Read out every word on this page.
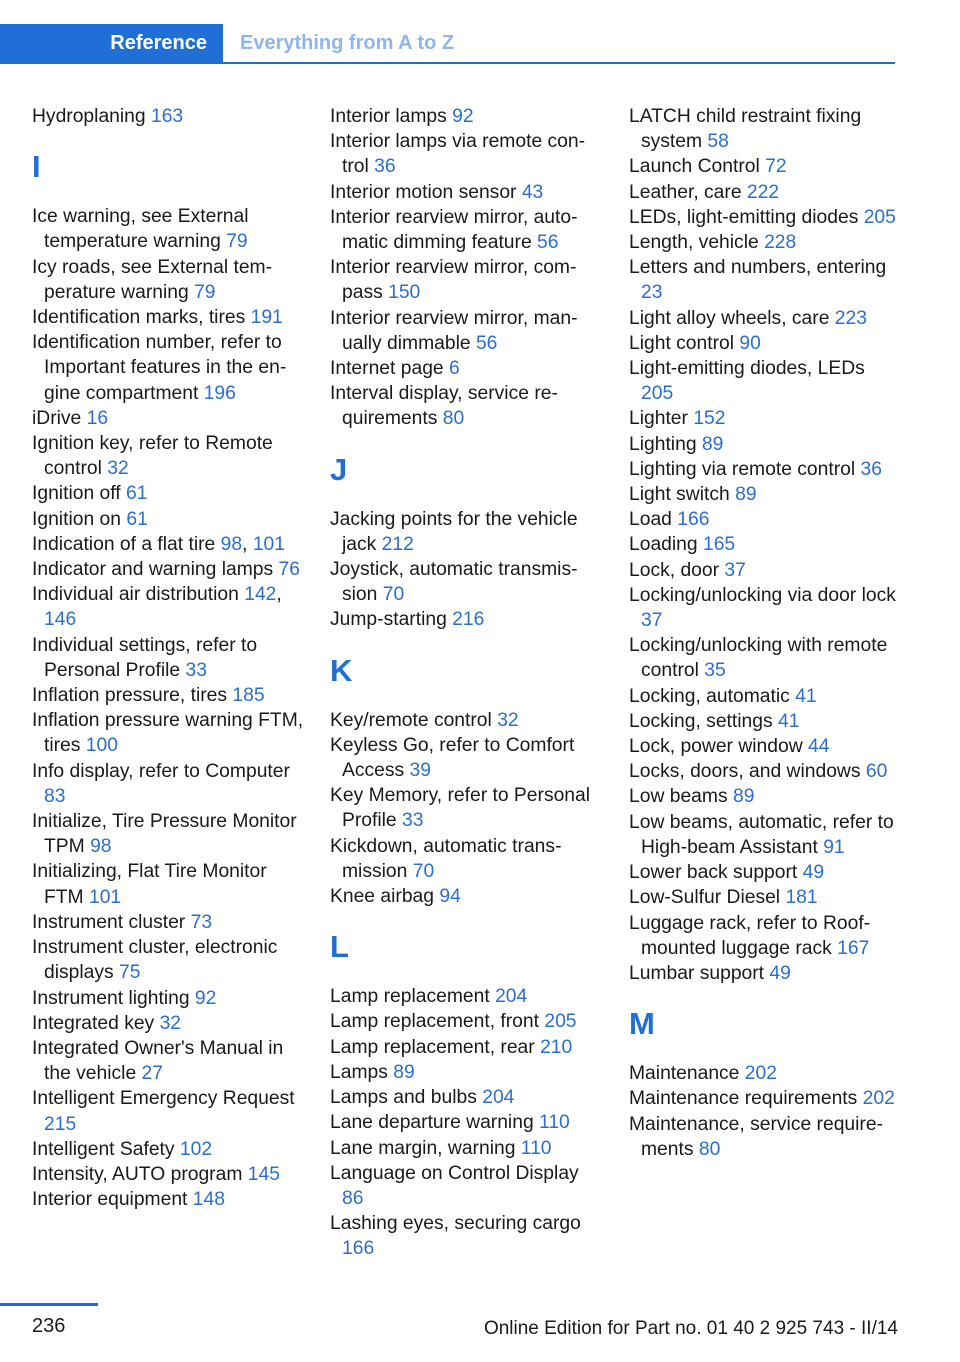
Reference Everything from A to Z
Hydroplaning 163
I
Ice warning, see External temperature warning 79
Icy roads, see External temperature warning 79
Identification marks, tires 191
Identification number, refer to Important features in the engine compartment 196
iDrive 16
Ignition key, refer to Remote control 32
Ignition off 61
Ignition on 61
Indication of a flat tire 98, 101
Indicator and warning lamps 76
Individual air distribution 142, 146
Individual settings, refer to Personal Profile 33
Inflation pressure, tires 185
Inflation pressure warning FTM, tires 100
Info display, refer to Computer 83
Initialize, Tire Pressure Monitor TPM 98
Initializing, Flat Tire Monitor FTM 101
Instrument cluster 73
Instrument cluster, electronic displays 75
Instrument lighting 92
Integrated key 32
Integrated Owner's Manual in the vehicle 27
Intelligent Emergency Request 215
Intelligent Safety 102
Intensity, AUTO program 145
Interior equipment 148
Interior lamps 92
Interior lamps via remote control 36
Interior motion sensor 43
Interior rearview mirror, automatic dimming feature 56
Interior rearview mirror, compass 150
Interior rearview mirror, manually dimmable 56
Internet page 6
Interval display, service requirements 80
J
Jacking points for the vehicle jack 212
Joystick, automatic transmission 70
Jump-starting 216
K
Key/remote control 32
Keyless Go, refer to Comfort Access 39
Key Memory, refer to Personal Profile 33
Kickdown, automatic transmission 70
Knee airbag 94
L
Lamp replacement 204
Lamp replacement, front 205
Lamp replacement, rear 210
Lamps 89
Lamps and bulbs 204
Lane departure warning 110
Lane margin, warning 110
Language on Control Display 86
Lashing eyes, securing cargo 166
LATCH child restraint fixing system 58
Launch Control 72
Leather, care 222
LEDs, light-emitting diodes 205
Length, vehicle 228
Letters and numbers, entering 23
Light alloy wheels, care 223
Light control 90
Light-emitting diodes, LEDs 205
Lighter 152
Lighting 89
Lighting via remote control 36
Light switch 89
Load 166
Loading 165
Lock, door 37
Locking/unlocking via door lock 37
Locking/unlocking with remote control 35
Locking, automatic 41
Locking, settings 41
Lock, power window 44
Locks, doors, and windows 60
Low beams 89
Low beams, automatic, refer to High-beam Assistant 91
Lower back support 49
Low-Sulfur Diesel 181
Luggage rack, refer to Roof-mounted luggage rack 167
Lumbar support 49
M
Maintenance 202
Maintenance requirements 202
Maintenance, service requirements 80
236	Online Edition for Part no. 01 40 2 925 743 - II/14
